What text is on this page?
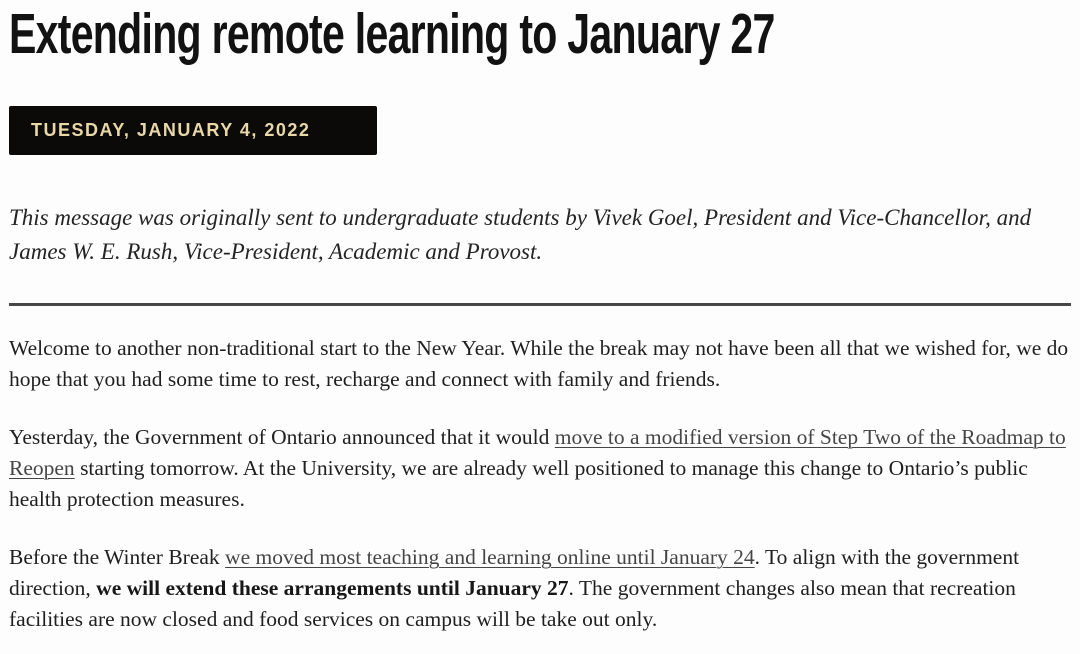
Extending remote learning to January 27
TUESDAY, JANUARY 4, 2022

This message was originally sent to undergraduate students by Vivek Goel, President and Vice-Chancellor, and James W. E. Rush, Vice-President, Academic and Provost.

Welcome to another non-traditional start to the New Year. While the break may not have been all that we wished for, we do hope that you had some time to rest, recharge and connect with family and friends.

Yesterday, the Government of Ontario announced that it would move to a modified version of Step Two of the Roadmap to Reopen starting tomorrow. At the University, we are already well positioned to manage this change to Ontario’s public health protection measures.

Before the Winter Break we moved most teaching and learning online until January 24. To align with the government direction, we will extend these arrangements until January 27. The government changes also mean that recreation facilities are now closed and food services on campus will be take out only.
